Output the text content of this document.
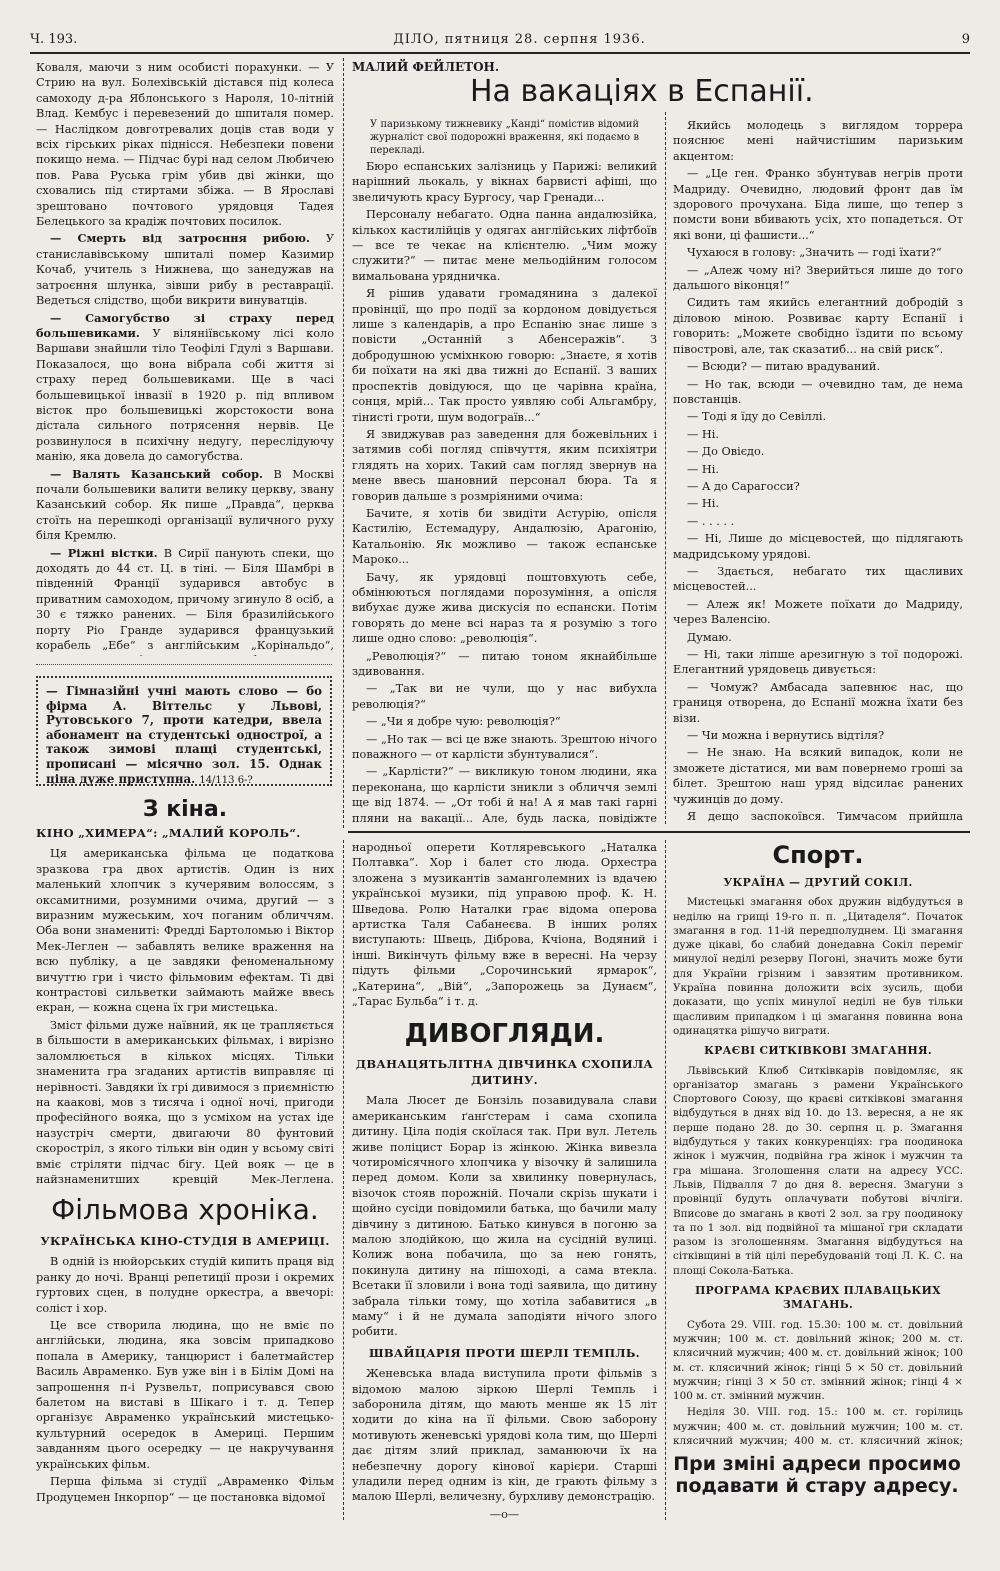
Ч. 193.	ДІЛО, пятниця 28. серпня 1936.	9

Коваля, маючи з ним особисті порахунки. — У Стрию на вул. Болехівській дістався під колеса самоходу д-ра Яблонського з Нароля, 10-літній Влад. Кембус і перевезений до шпиталя помер. — Наслідком довготревалих доців став води у всіх гірських ріках піднісся. Небезпеки повени покищо нема. — Підчас бурі над селом Любичею пов. Рава Руська грім убив дві жінки, що сховались під стиртами збіжа. — В Ярославі зрештовано почтового урядовця Тадея Белецького за крадіж почтових посилок.

— Смерть від затроєння рибою. У станиславівському шпиталі помер Казимир Кочаб, учитель з Нижнева, що занедужав на затроєння шлунка, зівши рибу в реставрації. Ведеться слідство, щоби викрити винуватців.

— Самогубство зі страху перед большевиками. У віляніївському лісі коло Варшави знайшли тіло Теофілі Гдулі з Варшави. Показалося, що вона вібрала собі життя зі страху перед большевиками. Ще в часі большевицької інвазії в 1920 р. під впливом вісток про большевицькі жорстокости вона дістала сильного потрясення нервів. Це розвинулося в психічну недугу, переслідуючу манію, яка довела до самогубства.

— Валять Казанський собор. В Москві почали большевики валити велику церкву, звану Казанський собор. Як пише „Правда“, церква стоїть на перешкоді організації вуличного руху біля Кремлю.

— Ріжні вістки. В Сирії панують спеки, що доходять до 44 ст. Ц. в тіні. — Біля Шамбрі в південній Франції зударився автобус в приватним самоходом, причому згинуло 8 осіб, а 30 є тяжко ранених. — Біля бразилійського порту Ріо Гранде зударився французький корабель „Ебе“ з англійським „Корінальдо“,

— Гімназійні учні мають слово — бо фірма А. Віттельс у Львові, Рутовського 7, проти катедри, ввела абонамент на студентські однострої, а також зимові плащі студентські, прописані — місячно зол. 15. Однак ціна дуже приступна. 14/113 6-?
З кіна.
КІНО „ХИМЕРА“: „МАЛИЙ КОРОЛЬ“.

Ця американська фільма це податкова зразкова гра двох артистів. Один із них маленький хлопчик з кучерявим волоссям, з оксамитними, розумними очима, другий — з виразним мужеським, хоч поганим обличчям. Оба вони знамениті: Фредді Бартоломью і Віктор Мек-Леглен — забавлять велике враження на всю публіку, а це завдяки феноменальному вичуттю гри і чисто фільмовим ефектам. Ті дві контрастові сильветки займають майже ввесь екран, — кожна сцена їх гри мистецька.

Зміст фільми дуже наївний, як це трапляється в більшости в американських фільмах, і вирізно заломлюється в кількох місцях. Тільки знаменита гра згаданих артистів виправляє ці нерівності. Завдяки їх грі дивимося з приємністю на каакові, мов з тисяча і одної ночі, пригоди професійного вояка, що з усміхом на устах іде назустріч смерти, двигаючи 80 фунтовий скоростріл, з якого тільки він один у всьому світі вміє стріляти підчас бігу. Цей вояк — це в найзнаменитших кревцій Мек-Леглена.

Фільмова хроніка.
УКРАЇНСЬКА КІНО-СТУДІЯ В АМЕРИЦІ.

В одній із нюйорських студій кипить праця від ранку до ночі. Вранці репетиції прози і окремих гуртових сцен, в полудне оркестра, а ввечорі: соліст і хор.

Це все створила людина, що не вміє по англійськи, людина, яка зовсім припадково попала в Америку, танцюрист і балетмайстер Василь Авраменко. Був уже він і в Білім Домі на запрошення п-і Рузвельт, поприсувався свою балетом на виставі в Шікаго і т. д. Тепер організує Авраменко український мистецько-культурний осередок в Америці. Першим завданням цього осередку — це накручування українських фільм.

Перша фільма зі студії „Авраменко Фільм Продуцемен Інкорпор“ — це постановка відомої

МАЛИЙ ФЕЙЛЕТОН.
На вакаціях в Еспанії.

У паризькому тижневику „Канді“ помістив відомий журналіст свої подорожні враження, які подаємо в перекладі.

Бюро еспанських залізниць у Парижі: великий нарішний льокаль, у вікнах барвисті афіші, що звеличують красу Бургосу, чар Гренади...

Персоналу небагато. Одна панна андалюзійка, кількох кастилійців у одягах англійських ліфтбоїв — все те чекає на клієнтелю. „Чим можу служити?“ — питає мене мельодійним голосом вимальована урядничка.

Я рішив удавати громадянина з далекої провінції, що про події за кордоном довідується лише з календарів, а про Еспанію знає лише з повісти „Останній з Абенсеражів“. З добродушною усміхнкою говорю: „Знаєте, я хотів би поїхати на які два тижні до Еспанії. З ваших проспектів довідуюся, що це чарівна країна, сонця, мрій... Так просто уявляю собі Альгамбру, тінисті гроти, шум водограїв...“

Я звиджував раз заведення для божевільних і затямив собі погляд співчуття, яким психіятри глядять на хорих. Такий сам погляд звернув на мене ввесь шановний персонал бюра. Та я говорив дальше з розмріяними очима:

Бачите, я хотів би звидіти Астурію, опісля Кастилію, Естемадуру, Андалюзію, Арагонію, Катальонію. Як можливо — також еспанське Мароко...

Бачу, як урядовці поштовхують себе, обмінюються поглядами порозуміння, а опісля вибухає дуже жива дискусія по еспански. Потім говорять до мене всі нараз та я розумію з того лише одно слово: „революція“.

„Революція?“ — питаю тоном якнайбільше здивовання.

— „Так ви не чули, що у нас вибухла революція?“

— „Чи я добре чую: революція?“

— „Но так — всі це вже знають. Зрештою нічого поважного — от карлісти збунтувалися“.

— „Карлісти?“ — викликую тоном людини, яка переконана, що карлісти зникли з обличчя землі ще від 1874. — „От тобі й на! А я мав такі гарні пляни на вакації... Але, будь ласка, повідіжте

Якийсь молодець з виглядом торрера пояснює мені найчистішим паризьким акцентом:

— „Це ген. Франко збунтував негрів проти Мадриду. Очевидно, людовий фронт дав їм здорового прочухана. Біда лише, що тепер з помсти вони вбивають усіх, хто попадеться. От які вони, ці фашисти...“

Чухаюся в голову: „Значить — годі їхати?“

— „Алеж чому ні? Зверийться лише до того дальшого віконця!“

Сидить там якийсь елегантний добродій з діловою міною. Розвиває карту Еспанії і говорить: „Можете свобідно їздити по всьому півострові, але, так сказатиб... на свій риск“.

— Всюди? — питаю врадуваний.

— Но так, всюди — очевидно там, де нема повстанців.

— Тоді я їду до Севіллі.

— Ні.

— До Овієдо.

— Ні.

— А до Сарагосси?

— Ні.

— . . . . .

— Ні, Лише до місцевостей, що підлягають мадридському урядові.

— Здається, небагато тих щасливих місцевостей...

— Алеж як! Можете поїхати до Мадриду, через Валенсію.

Думаю.

— Ні, таки ліпше арезигную з тої подорожі. Елегантний урядовець дивується:

— Чомуж? Амбасада запевнює нас, що границя отворена, до Еспанії можна їхати без візи.

— Чи можна і вернутись відтіля?

— Не знаю. На всякий випадок, коли не зможете дістатися, ми вам повернемо гроші за білет. Зрештою наш уряд відсилає ранених чужинців до дому.

Я дещо заспокоївся. Тимчасом прийшла

народньої оперети Котляревського „Наталка Полтавка“. Хор і балет сто люда. Орхестра зложена з музикантів заманголемних із вдачею українськоі музики, під управою проф. К. Н. Шведова. Ролю Наталки грає відома оперова артистка Таля Сабанеєва. В інших ролях виступають: Швець, Діброва, Кчіона, Водяний і інші. Викінчуть фільму вже в вересні. На черзу підуть фільми „Сорочинський ярмарок“, „Катерина“, „Вій“, „Запорожець за Дунаєм“, „Тарас Бульба“ і т. д.

ДИВОГЛЯДИ.
ДВАНАЦЯТЬЛІТНА ДІВЧИНКА СХОПИЛА ДИТИНУ.

Мала Люсет де Бонзіль позавидувала слави американським ґанґстерам і сама схопила дитину. Ціла подія скоїлася так. При вул. Летель живе поліцист Борар із жінкою. Жінка вивезла чотиромісячного хлопчика у візочку й залишила перед домом. Коли за хвилинку повернулась, візочок стояв порожній. Почали скрізь шукати і щойно сусіди повідомили батька, що бачили малу дівчину з дитиною. Батько кинувся в погоню за малою злодійкою, що жила на сусідній вулиці. Колиж вона побачила, що за нею гонять, покинула дитину на пішоході, а сама втекла. Всетаки її зловили і вона тоді заявила, що дитину забрала тільки тому, що хотіла забавитися „в маму“ і й не думала заподіяти нічого злого робити.

ШВАЙЦАРІЯ ПРОТИ ШЕРЛІ ТЕМПЛЬ.

Женевська влада виступила проти фільмів з відомою малою зіркою Шерлі Темпль і заборонила дітям, що мають менше як 15 літ ходити до кіна на її фільми. Свою заборону мотивують женевські урядові кола тим, що Шерлі дає дітям злий приклад, заманюючи їх на небезпечну дорогу кінової карієри. Старші уладили перед одним із кін, де грають фільму з малою Шерлі, величезну, бурхливу демонстрацію.

—o—
Спорт.
УКРАЇНА — ДРУГИЙ СОКІЛ.

Мистецькі змагання обох дружин відбудуться в неділю на грищі 19-го п. п. „Цитаделя“. Початок змагання в год. 11-ій передполуднем. Ці змагання дуже цікаві, бо слабий донедавна Сокіл переміг минулої неділі резерву Погоні, значить може бути для України грізним і завзятим противником. Україна повинна доложити всіх зусиль, щоби доказати, що успіх минулої неділі не був тільки щасливим припадком і ці змагання повинна вона одинацятка рішучо виграти.

КРАЄВІ СИТКІВКОВІ ЗМАГАННЯ.

Львівський Клюб Ситківкарів повідомляє, як організатор змагань з рамени Українського Спортового Союзу, що краєві ситківкові змагання відбудуться в днях від 10. до 13. вересня, а не як перше подано 28. до 30. серпня ц. р. Змагання відбудуться у таких конкуренціях: гра поодинока жінок і мужчин, подвійна гра жінок і мужчин та гра мішана. Зголошення слати на адресу УСС. Львів, Підвалля 7 до дня 8. вересня. Змагуни з провінції будуть оплачувати побутові вічліги. Вписове до змагань в квоті 2 зол. за гру поодиноку та по 1 зол. від подвійної та мішаної гри складати разом із зголошенням. Змагання відбудуться на сітківщині в тій цілі перебудованій тоці Л. К. С. на площі Сокола-Батька.

ПРОГРАМА КРАЄВИХ ПЛАВАЦЬКИХ ЗМАГАНЬ.

Субота 29. VIII. год. 15.30: 100 м. ст. довільний мужчин; 100 м. ст. довільний жінок; 200 м. ст. клясичний мужчин; 400 м. ст. довільний жінок; 100 м. ст. клясичний жінок; гінці 5 × 50 ст. довільний мужчин; гінці 3 × 50 ст. змінний жінок; гінці 4 × 100 м. ст. змінний мужчин.

Неділя 30. VIII. год. 15.: 100 м. ст. горілиць мужчин; 400 м. ст. довільний мужчин; 100 м. ст. клясичний мужчин; 400 м. ст. клясичний жінок;

При зміні адреси просимо подавати й стару адресу.
